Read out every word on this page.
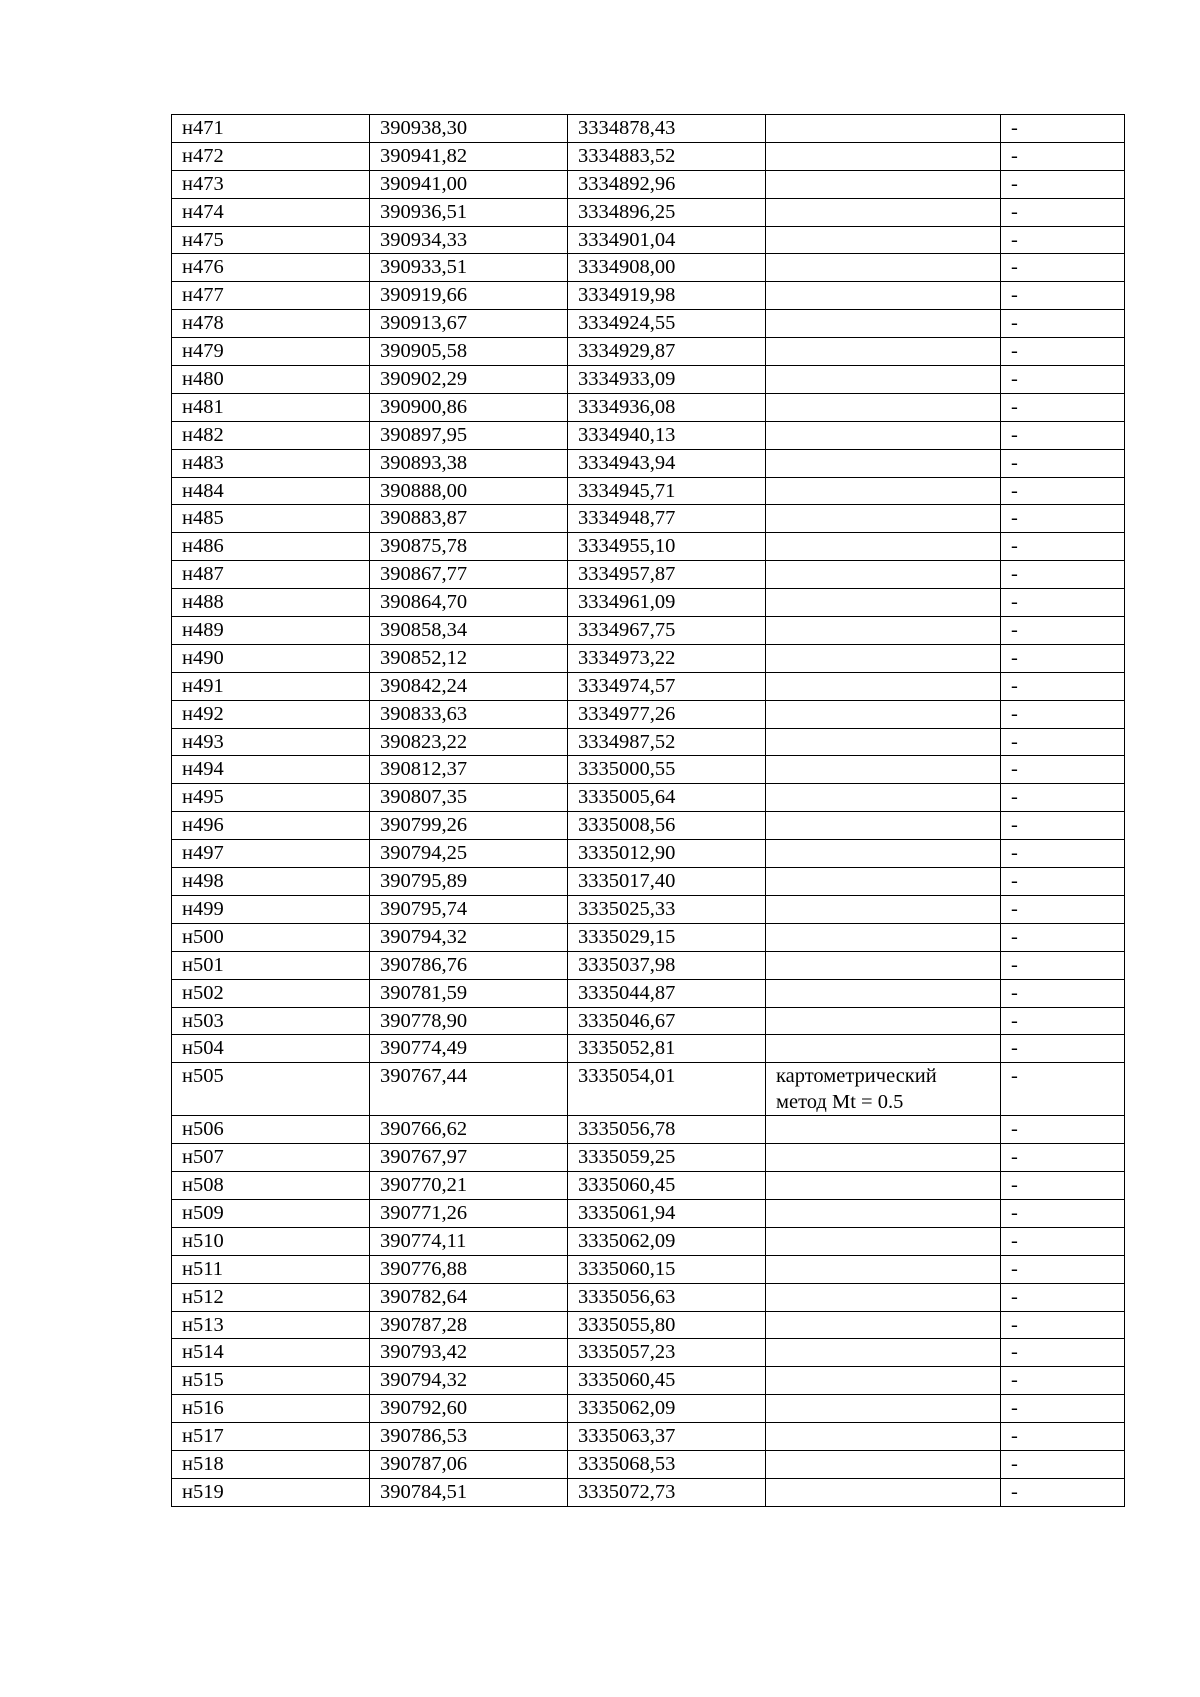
н471	390938,30	3334878,43		-
н472	390941,82	3334883,52		-
н473	390941,00	3334892,96		-
н474	390936,51	3334896,25		-
н475	390934,33	3334901,04		-
н476	390933,51	3334908,00		-
н477	390919,66	3334919,98		-
н478	390913,67	3334924,55		-
н479	390905,58	3334929,87		-
н480	390902,29	3334933,09		-
н481	390900,86	3334936,08		-
н482	390897,95	3334940,13		-
н483	390893,38	3334943,94		-
н484	390888,00	3334945,71		-
н485	390883,87	3334948,77		-
н486	390875,78	3334955,10		-
н487	390867,77	3334957,87		-
н488	390864,70	3334961,09		-
н489	390858,34	3334967,75		-
н490	390852,12	3334973,22		-
н491	390842,24	3334974,57		-
н492	390833,63	3334977,26		-
н493	390823,22	3334987,52		-
н494	390812,37	3335000,55		-
н495	390807,35	3335005,64		-
н496	390799,26	3335008,56		-
н497	390794,25	3335012,90		-
н498	390795,89	3335017,40		-
н499	390795,74	3335025,33		-
н500	390794,32	3335029,15		-
н501	390786,76	3335037,98		-
н502	390781,59	3335044,87		-
н503	390778,90	3335046,67		-
н504	390774,49	3335052,81		-
н505	390767,44	3335054,01	картометрический
метод Mt = 0.5	-
н506	390766,62	3335056,78		-
н507	390767,97	3335059,25		-
н508	390770,21	3335060,45		-
н509	390771,26	3335061,94		-
н510	390774,11	3335062,09		-
н511	390776,88	3335060,15		-
н512	390782,64	3335056,63		-
н513	390787,28	3335055,80		-
н514	390793,42	3335057,23		-
н515	390794,32	3335060,45		-
н516	390792,60	3335062,09		-
н517	390786,53	3335063,37		-
н518	390787,06	3335068,53		-
н519	390784,51	3335072,73		-
